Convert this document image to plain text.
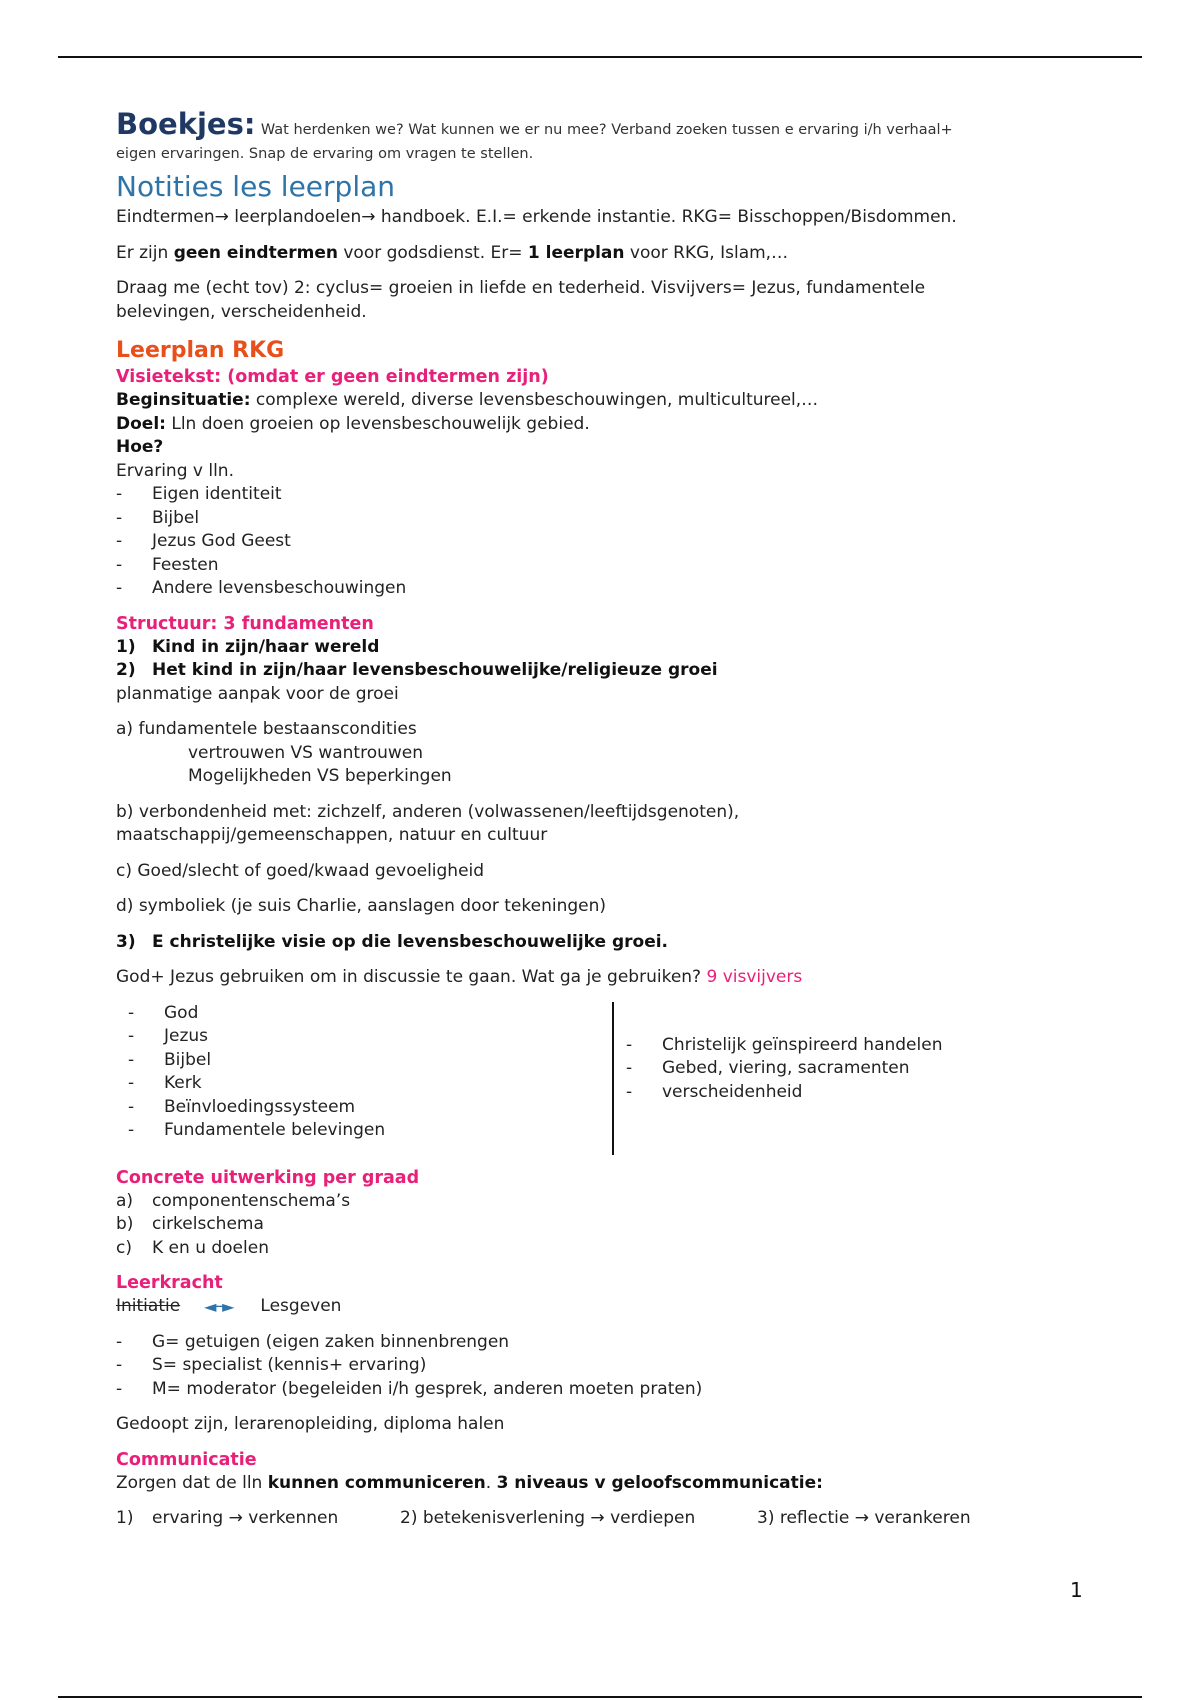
Boekjes: Wat herdenken we? Wat kunnen we er nu mee? Verband zoeken tussen e ervaring i/h verhaal+

eigen ervaringen. Snap de ervaring om vragen te stellen.

Notities les leerplan

Eindtermen→ leerplandoelen→ handboek. E.I.= erkende instantie. RKG= Bisschoppen/Bisdommen.

Er zijn geen eindtermen voor godsdienst. Er= 1 leerplan voor RKG, Islam,…

Draag me (echt tov) 2: cyclus= groeien in liefde en tederheid. Visvijvers= Jezus, fundamentele

belevingen, verscheidenheid.

Leerplan RKG
Visietekst: (omdat er geen eindtermen zijn)

Beginsituatie: complexe wereld, diverse levensbeschouwingen, multicultureel,…

Doel: Lln doen groeien op levensbeschouwelijk gebied.

Hoe?

Ervaring v lln.

-	Eigen identiteit
-	Bijbel
-	Jezus God Geest
-	Feesten
-	Andere levensbeschouwingen
Structuur: 3 fundamenten
1) Kind in zijn/haar wereld
2) Het kind in zijn/haar levensbeschouwelijke/religieuze groei

planmatige aanpak voor de groei

a) fundamentele bestaanscondities

vertrouwen VS wantrouwen

Mogelijkheden VS beperkingen

b) verbondenheid met: zichzelf, anderen (volwassenen/leeftijdsgenoten),

maatschappij/gemeenschappen, natuur en cultuur

c) Goed/slecht of goed/kwaad gevoeligheid

d) symboliek (je suis Charlie, aanslagen door tekeningen)

3) E christelijke visie op die levensbeschouwelijke groei.

God+ Jezus gebruiken om in discussie te gaan. Wat ga je gebruiken? 9 visvijvers

-	God
-	Jezus
-	Bijbel
-	Kerk
-	Beïnvloedingssysteem
-	Fundamentele belevingen
-	Christelijk geïnspireerd handelen
-	Gebed, viering, sacramenten
-	verscheidenheid
Concrete uitwerking per graad
a)	componentenschema’s
b)	cirkelschema
c)	K en u doelen
Leerkracht
Initiatie ◄─► Lesgeven
-	G= getuigen (eigen zaken binnenbrengen
-	S= specialist (kennis+ ervaring)
-	M= moderator (begeleiden i/h gesprek, anderen moeten praten)

Gedoopt zijn, lerarenopleiding, diploma halen

Communicatie

Zorgen dat de lln kunnen communiceren. 3 niveaus v geloofscommunicatie:

1)	ervaring → verkennen	2) betekenisverlening → verdiepen	3) reflectie → verankeren
1
